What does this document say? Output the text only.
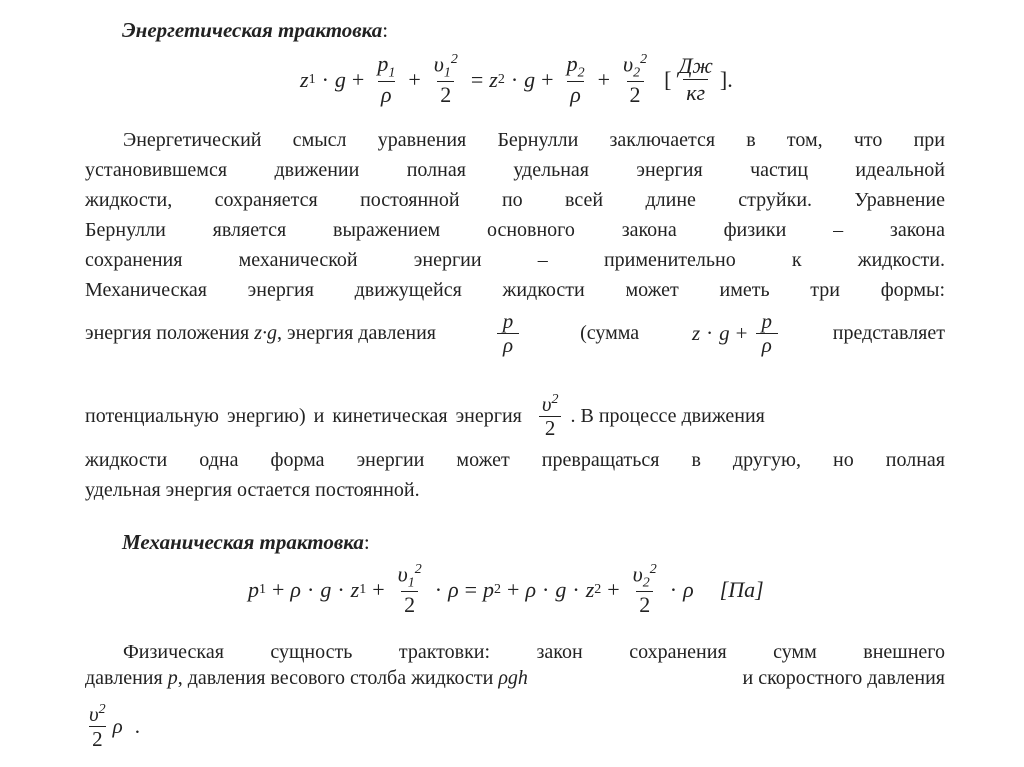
Энергетическая трактовка:
z $1 \cdot g + \frac{p_1}{\rho} + \frac{\upsilon_1^2}{2} = z$ $2 \cdot g + \frac{p_2}{\rho} + \frac{\upsilon_2^2}{2}$ [ $\frac{Дж}{кг}$ ].
Энергетический смысл уравнения Бернулли заключается в том, что при
установившемся движении полная удельная энергия частиц идеальной
жидкости, сохраняется постоянной по всей длине струйки. Уравнение
Бернулли является выражением основного закона физики – закона
сохранения механической энергии – применительно к жидкости.
Механическая энергия движущейся жидкости может иметь три формы:
энергия положения z·g, энергия давления	$\frac{p}{\rho}$	(сумма	$z \cdot g + \frac{p}{\rho}$	представляет
потенциальную энергию) и кинетическая энергия $\frac{\upsilon^2}{2}$ . В процессе движения
жидкости одна форма энергии может превращаться в другую, но полная
удельная энергия остается постоянной.
Механическая трактовка:
p 1 + ρ · g · z $1 + \frac{\upsilon_1^2}{2} \cdot \rho = p$ 2 + ρ · g · z $2 + \frac{\upsilon_2^2}{2} \cdot \rho$ [Па]
Физическая сущность трактовки: закон сохранения сумм внешнего
давления p, давления весового столба жидкости ρgh	и скоростного давления
$\frac{\upsilon^2}{2}$ ρ .
